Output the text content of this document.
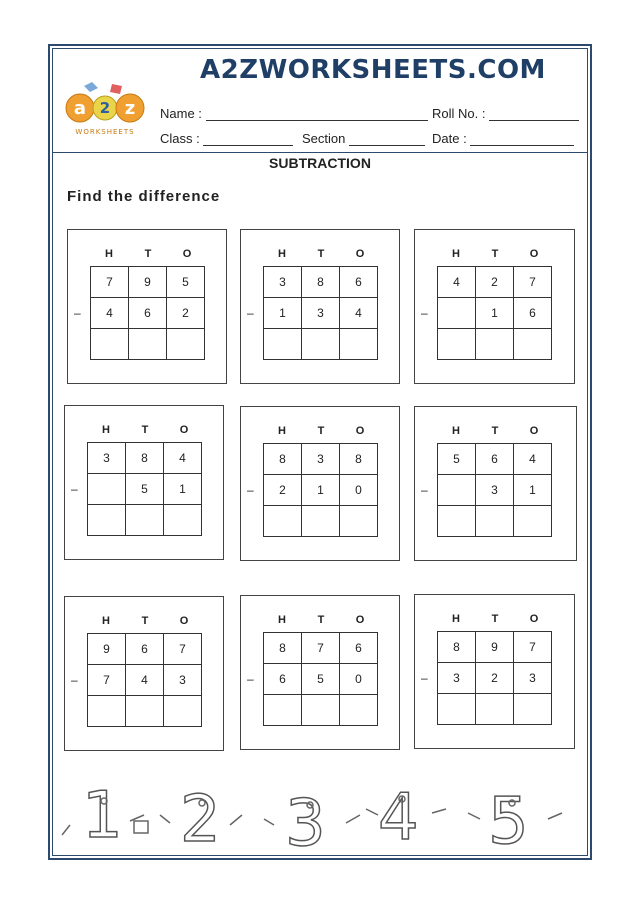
A2ZWORKSHEETS.COM
a 2 z
WORKSHEETS
Name :	Roll No. :
Class :	Section	Date :
SUBTRACTION
Find the difference
H	T	O
7	9	5
4	6	2

–
H	T	O
3	8	6
1	3	4

–
H	T	O
4	2	7
	1	6

–
H	T	O
3	8	4
	5	1

–
H	T	O
8	3	8
2	1	0

–
H	T	O
5	6	4
	3	1

–
H	T	O
9	6	7
7	4	3

–
H	T	O
8	7	6
6	5	0

–
H	T	O
8	9	7
3	2	3

–
1 2 3 4 5
